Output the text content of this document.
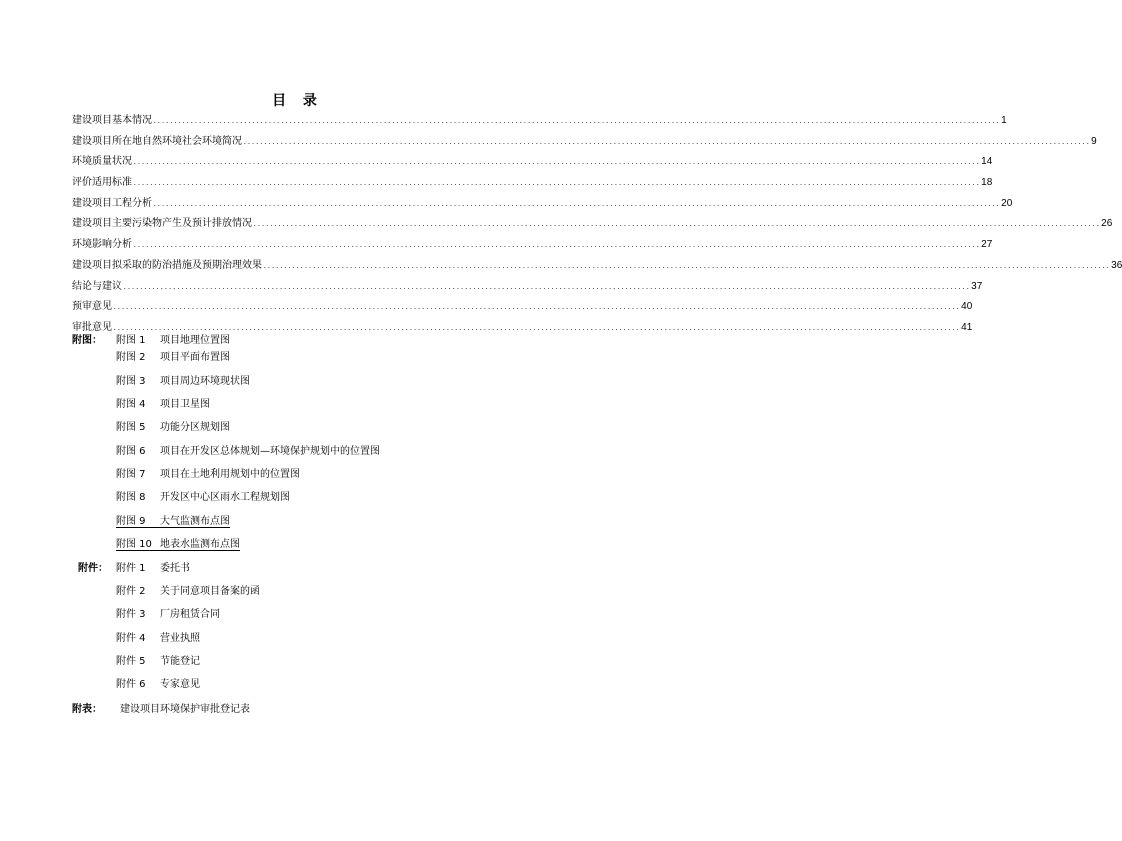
目 录
建设项目基本情况 .............................................................................................................................................................................................................. 1
建设项目所在地自然环境社会环境简况 .............................................................................................................................................................................................................. 9
环境质量状况 .............................................................................................................................................................................................................. 14
评价适用标准 .............................................................................................................................................................................................................. 18
建设项目工程分析 .............................................................................................................................................................................................................. 20
建设项目主要污染物产生及预计排放情况 .............................................................................................................................................................................................................. 26
环境影响分析 .............................................................................................................................................................................................................. 27
建设项目拟采取的防治措施及预期治理效果 .............................................................................................................................................................................................................. 36
结论与建议 .............................................................................................................................................................................................................. 37
预审意见 .............................................................................................................................................................................................................. 40
审批意见 .............................................................................................................................................................................................................. 41
附图： 附图 1 项目地理位置图
附图 2 项目平面布置图
附图 3 项目周边环境现状图
附图 4 项目卫星图
附图 5 功能分区规划图
附图 6 项目在开发区总体规划—环境保护规划中的位置图
附图 7 项目在土地利用规划中的位置图
附图 8 开发区中心区雨水工程规划图
附图 9 大气监测布点图
附图 10 地表水监测布点图
附件： 附件 1 委托书
附件 2 关于同意项目备案的函
附件 3 厂房租赁合同
附件 4 营业执照
附件 5 节能登记
附件 6 专家意见
附表： 建设项目环境保护审批登记表
